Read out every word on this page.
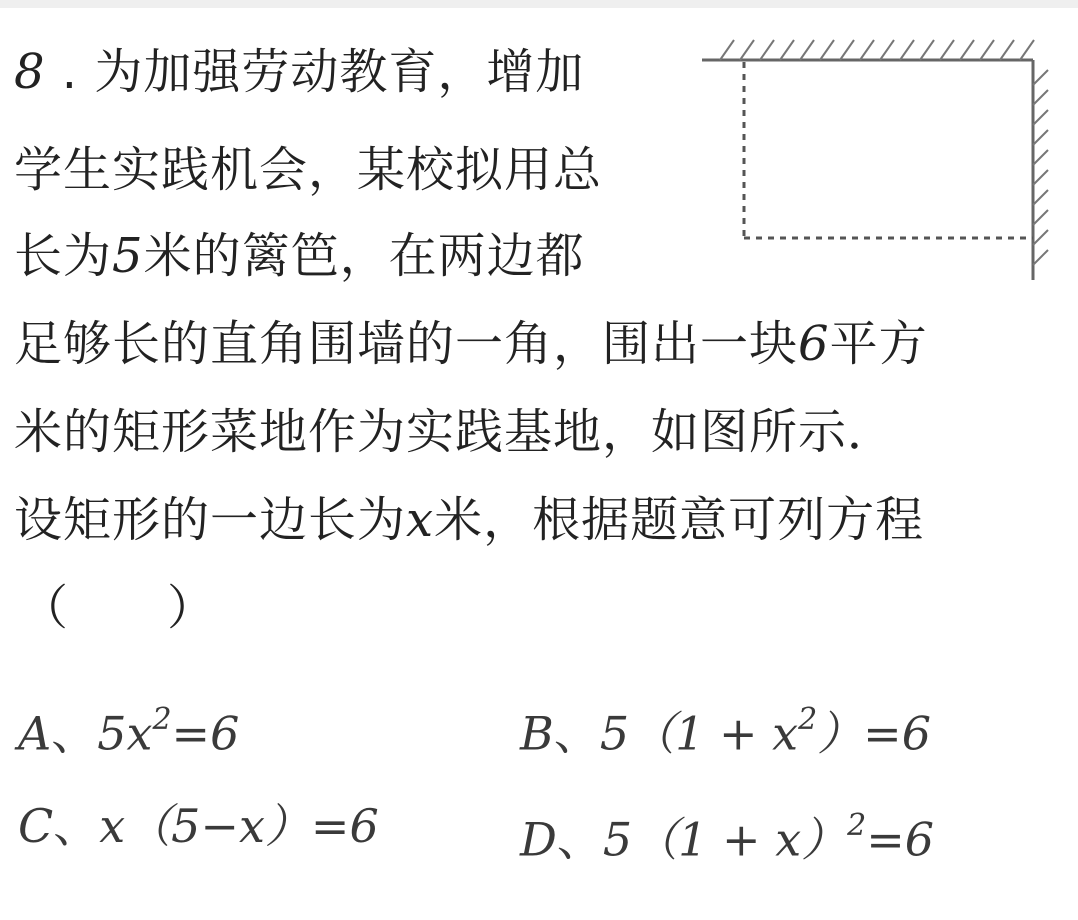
8 . 为加强劳动教育，增加
学生实践机会，某校拟用总
长为5米的篱笆，在两边都
足够长的直角围墙的一角，围出一块6平方
米的矩形菜地作为实践基地，如图所示．
设矩形的一边长为x米，根据题意可列方程
（　　）
A、$5x^2=6$	B、$5(1 + x^2)=6$
C、x（5−x）=6	D、$5(1 + x)^2=6$
